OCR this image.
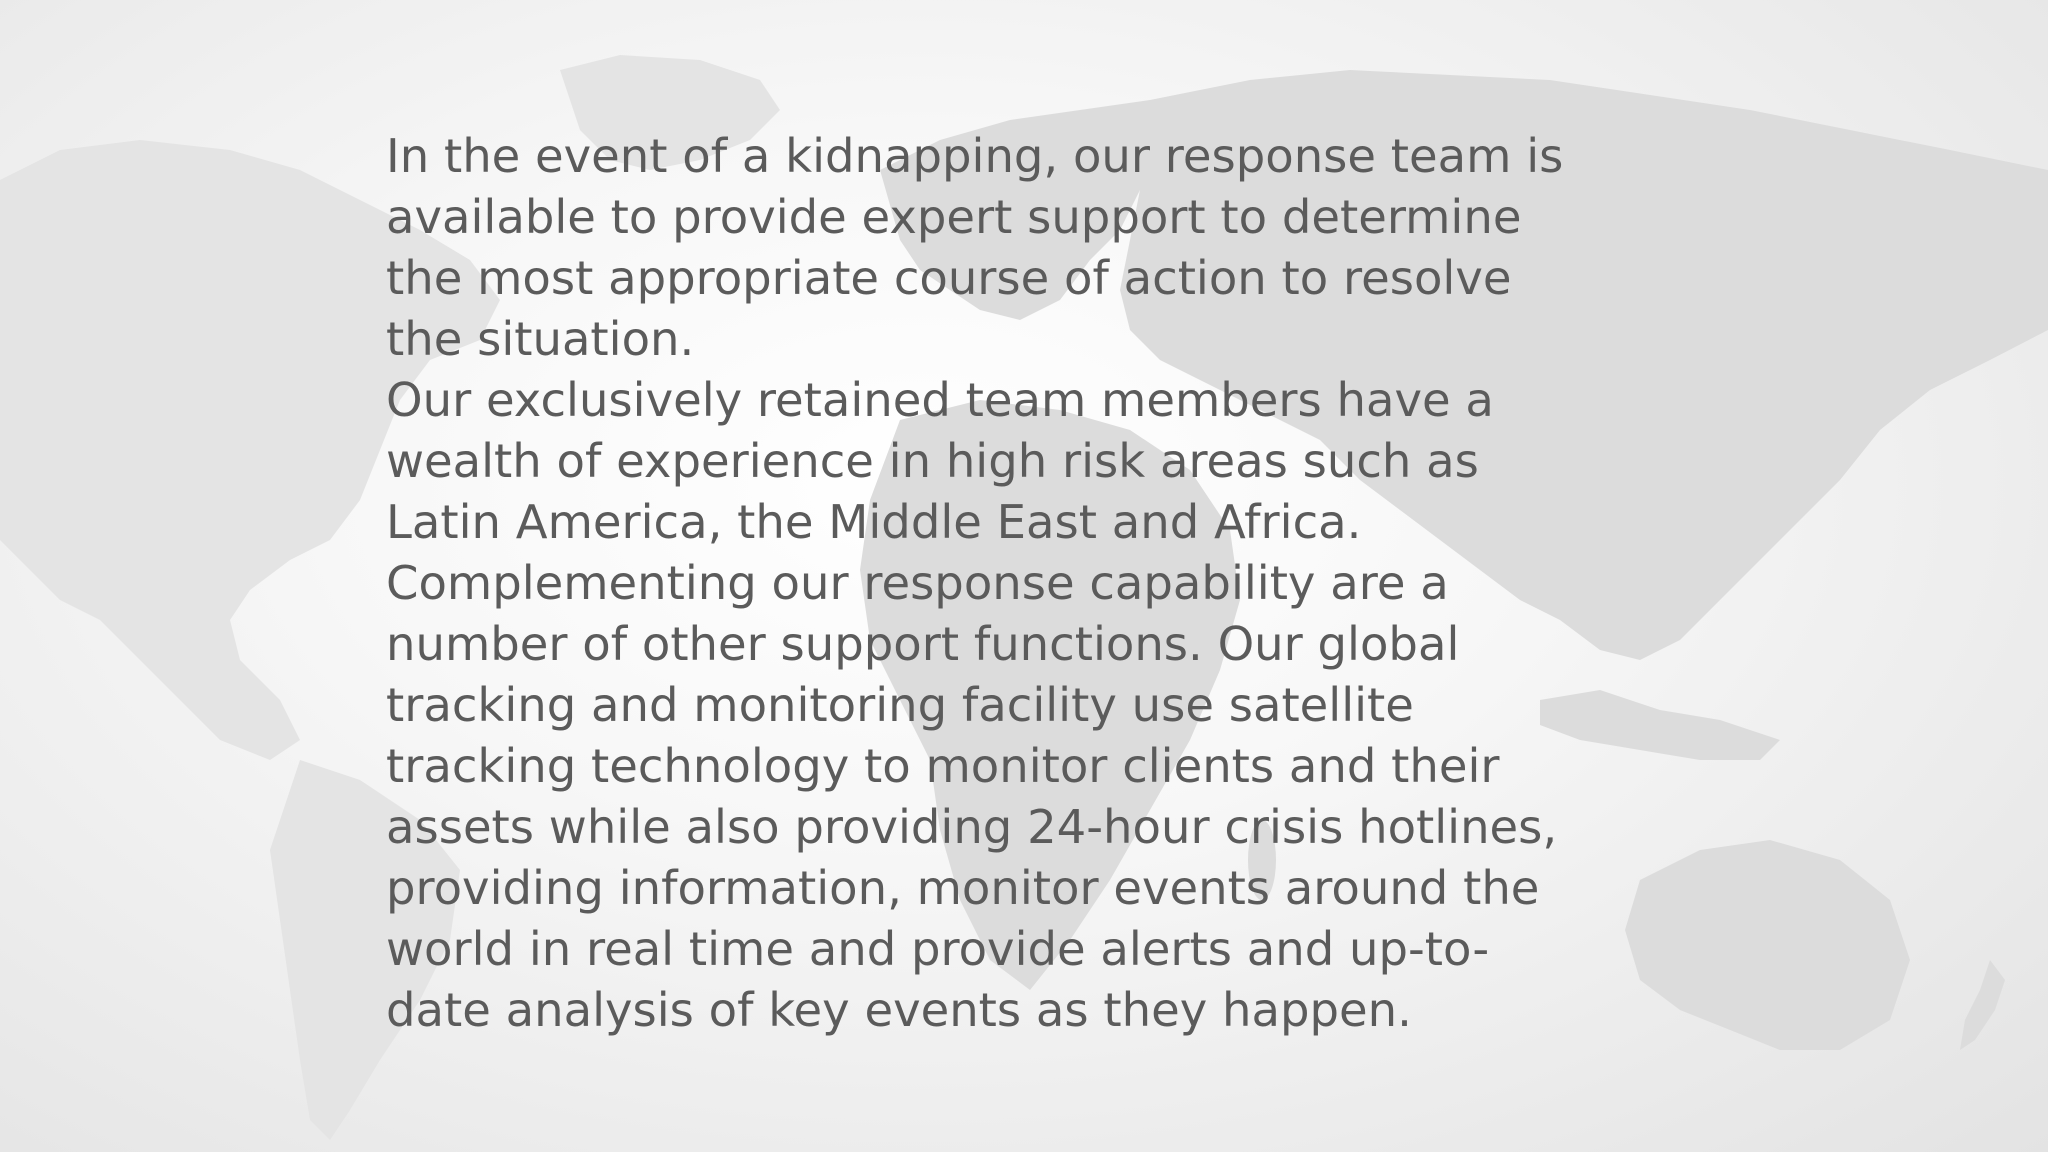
In the event of a kidnapping, our response team is
available to provide expert support to determine
the most appropriate course of action to resolve
the situation.
Our exclusively retained team members have a
wealth of experience in high risk areas such as
Latin America, the Middle East and Africa.
Complementing our response capability are a
number of other support functions. Our global
tracking and monitoring facility use satellite
tracking technology to monitor clients and their
assets while also providing 24-hour crisis hotlines,
providing information, monitor events around the
world in real time and provide alerts and up-to-
date analysis of key events as they happen.
